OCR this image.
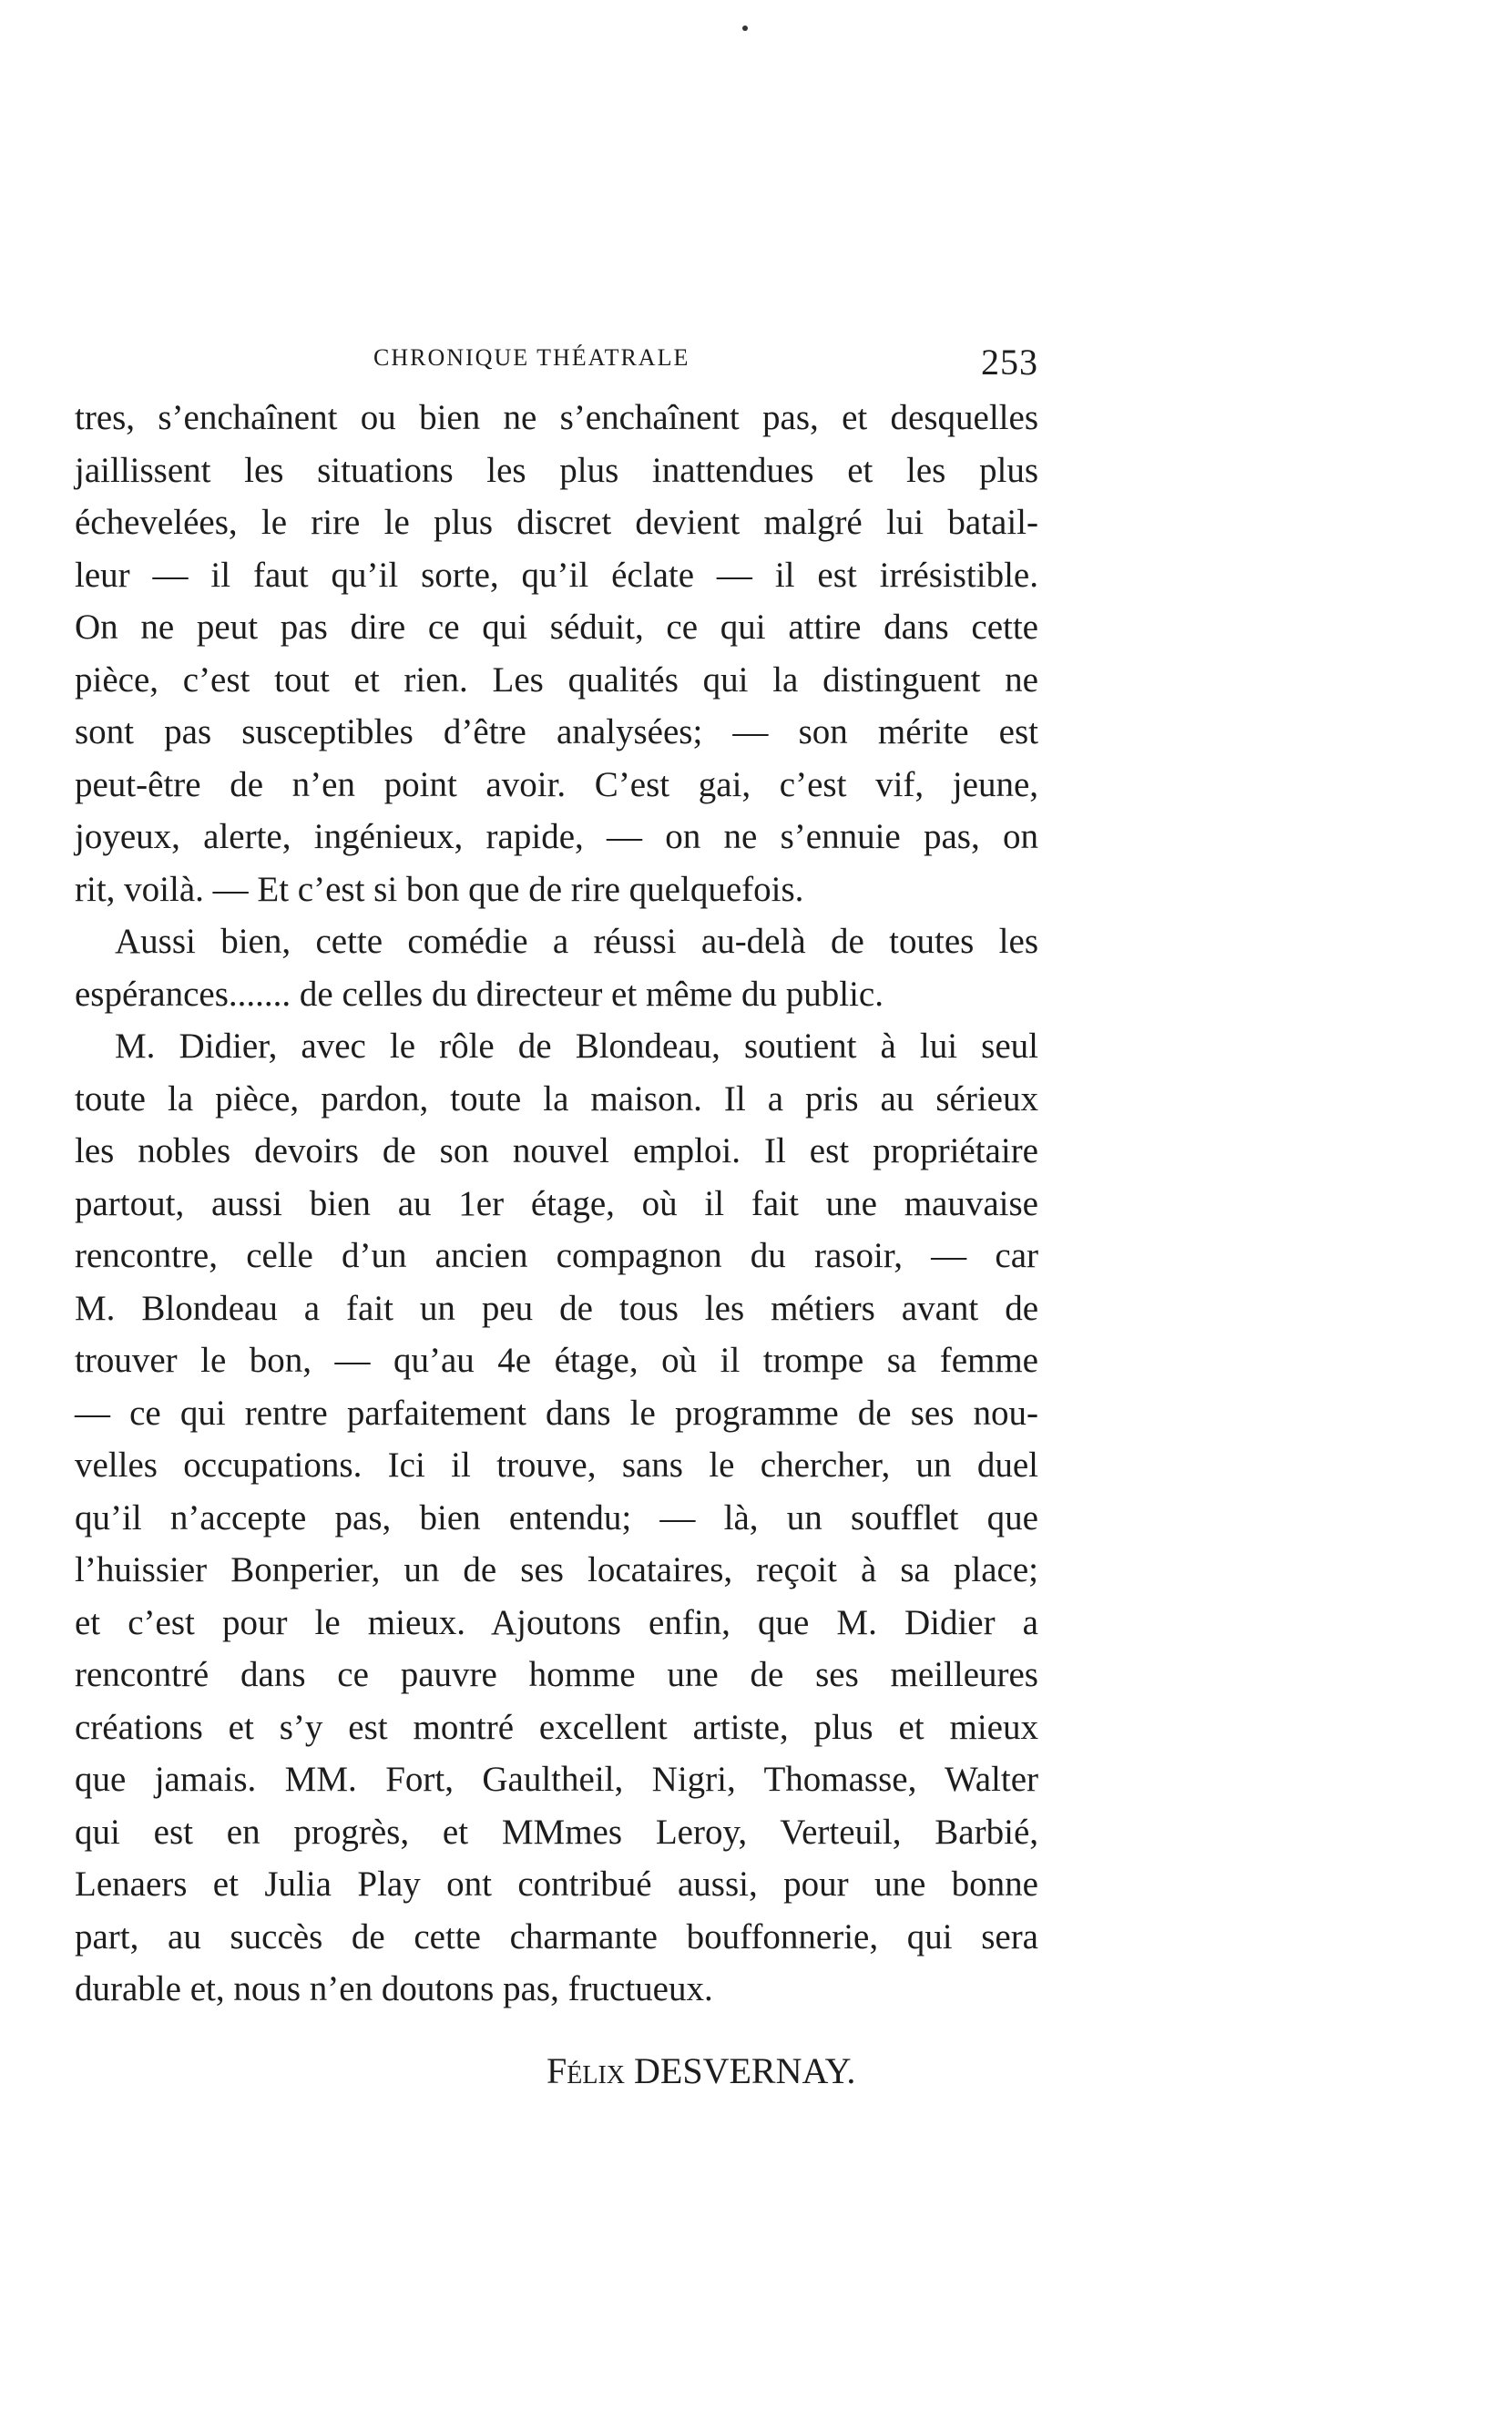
CHRONIQUE THÉATRALE	253
tres, s’enchaînent ou bien ne s’enchaînent pas, et desquelles
jaillissent les situations les plus inattendues et les plus
échevelées, le rire le plus discret devient malgré lui batail-
leur — il faut qu’il sorte, qu’il éclate — il est irrésistible.
On ne peut pas dire ce qui séduit, ce qui attire dans cette
pièce, c’est tout et rien. Les qualités qui la distinguent ne
sont pas susceptibles d’être analysées; — son mérite est
peut-être de n’en point avoir. C’est gai, c’est vif, jeune,
joyeux, alerte, ingénieux, rapide, — on ne s’ennuie pas, on
rit, voilà. — Et c’est si bon que de rire quelquefois.
Aussi bien, cette comédie a réussi au-delà de toutes les
espérances....... de celles du directeur et même du public.
M. Didier, avec le rôle de Blondeau, soutient à lui seul
toute la pièce, pardon, toute la maison. Il a pris au sérieux
les nobles devoirs de son nouvel emploi. Il est propriétaire
partout, aussi bien au 1er étage, où il fait une mauvaise
rencontre, celle d’un ancien compagnon du rasoir, — car
M. Blondeau a fait un peu de tous les métiers avant de
trouver le bon, — qu’au 4e étage, où il trompe sa femme
— ce qui rentre parfaitement dans le programme de ses nou-
velles occupations. Ici il trouve, sans le chercher, un duel
qu’il n’accepte pas, bien entendu; — là, un soufflet que
l’huissier Bonperier, un de ses locataires, reçoit à sa place;
et c’est pour le mieux. Ajoutons enfin, que M. Didier a
rencontré dans ce pauvre homme une de ses meilleures
créations et s’y est montré excellent artiste, plus et mieux
que jamais. MM. Fort, Gaultheil, Nigri, Thomasse, Walter
qui est en progrès, et MMmes Leroy, Verteuil, Barbié,
Lenaers et Julia Play ont contribué aussi, pour une bonne
part, au succès de cette charmante bouffonnerie, qui sera
durable et, nous n’en doutons pas, fructueux.
Félix DESVERNAY.
